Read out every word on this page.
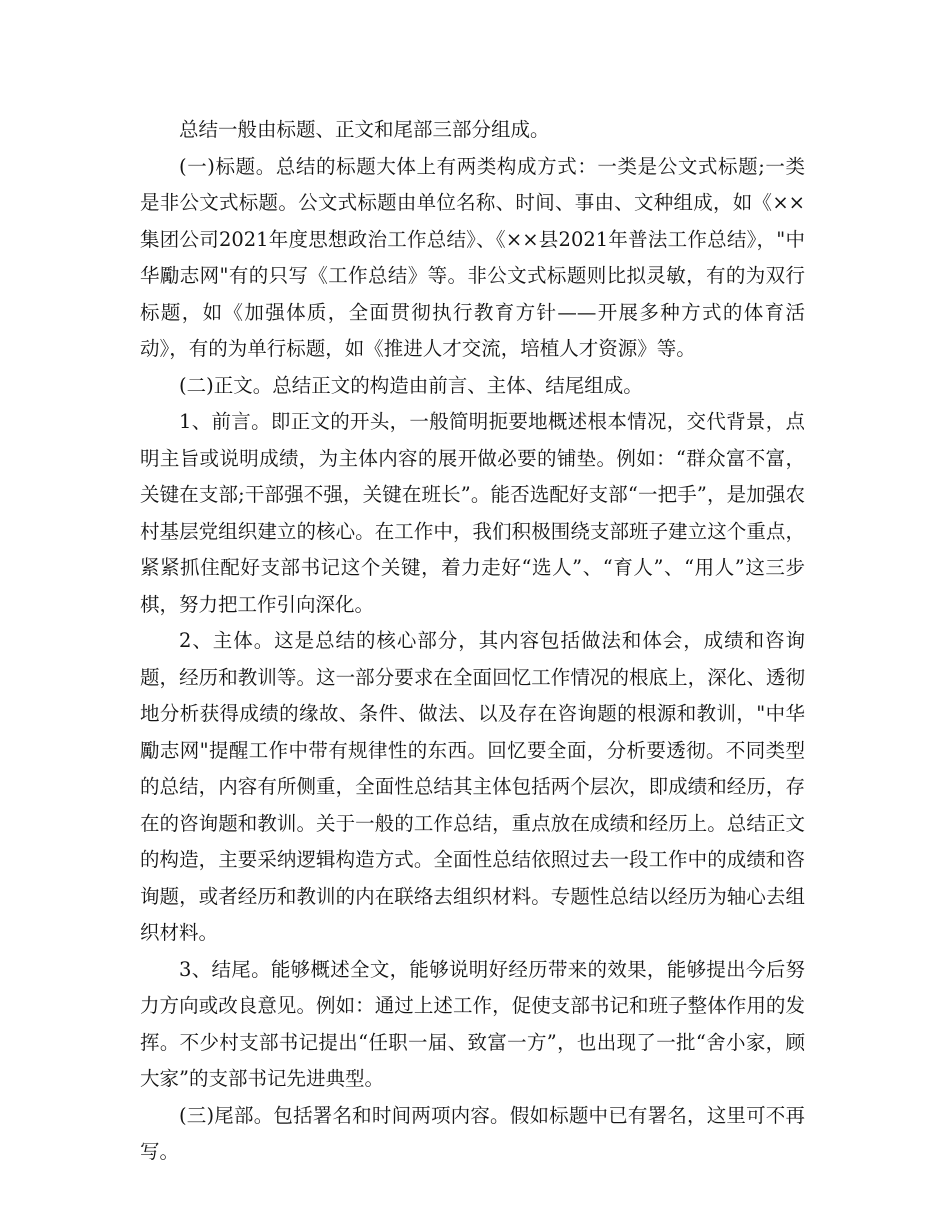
总结一般由标题、正文和尾部三部分组成。

(一)标题。总结的标题大体上有两类构成方式：一类是公文式标题;一类是非公文式标题。公文式标题由单位名称、时间、事由、文种组成，如《××集团公司2021年度思想政治工作总结》、《××县2021年普法工作总结》，"中华勵志网"有的只写《工作总结》等。非公文式标题则比拟灵敏，有的为双行标题，如《加强体质，全面贯彻执行教育方针——开展多种方式的体育活动》，有的为单行标题，如《推进人才交流，培植人才资源》等。

(二)正文。总结正文的构造由前言、主体、结尾组成。

1、前言。即正文的开头，一般简明扼要地概述根本情况，交代背景，点明主旨或说明成绩，为主体内容的展开做必要的铺垫。例如：“群众富不富，关键在支部;干部强不强，关键在班长”。能否选配好支部“一把手”，是加强农村基层党组织建立的核心。在工作中，我们积极围绕支部班子建立这个重点，紧紧抓住配好支部书记这个关键，着力走好“选人”、“育人”、“用人”这三步棋，努力把工作引向深化。

2、主体。这是总结的核心部分，其内容包括做法和体会，成绩和咨询题，经历和教训等。这一部分要求在全面回忆工作情况的根底上，深化、透彻地分析获得成绩的缘故、条件、做法、以及存在咨询题的根源和教训，"中华勵志网"提醒工作中带有规律性的东西。回忆要全面，分析要透彻。不同类型的总结，内容有所侧重，全面性总结其主体包括两个层次，即成绩和经历，存在的咨询题和教训。关于一般的工作总结，重点放在成绩和经历上。总结正文的构造，主要采纳逻辑构造方式。全面性总结依照过去一段工作中的成绩和咨询题，或者经历和教训的内在联络去组织材料。专题性总结以经历为轴心去组织材料。

3、结尾。能够概述全文，能够说明好经历带来的效果，能够提出今后努力方向或改良意见。例如：通过上述工作，促使支部书记和班子整体作用的发挥。不少村支部书记提出“任职一届、致富一方”，也出现了一批“舍小家，顾大家”的支部书记先进典型。

(三)尾部。包括署名和时间两项内容。假如标题中已有署名，这里可不再写。
